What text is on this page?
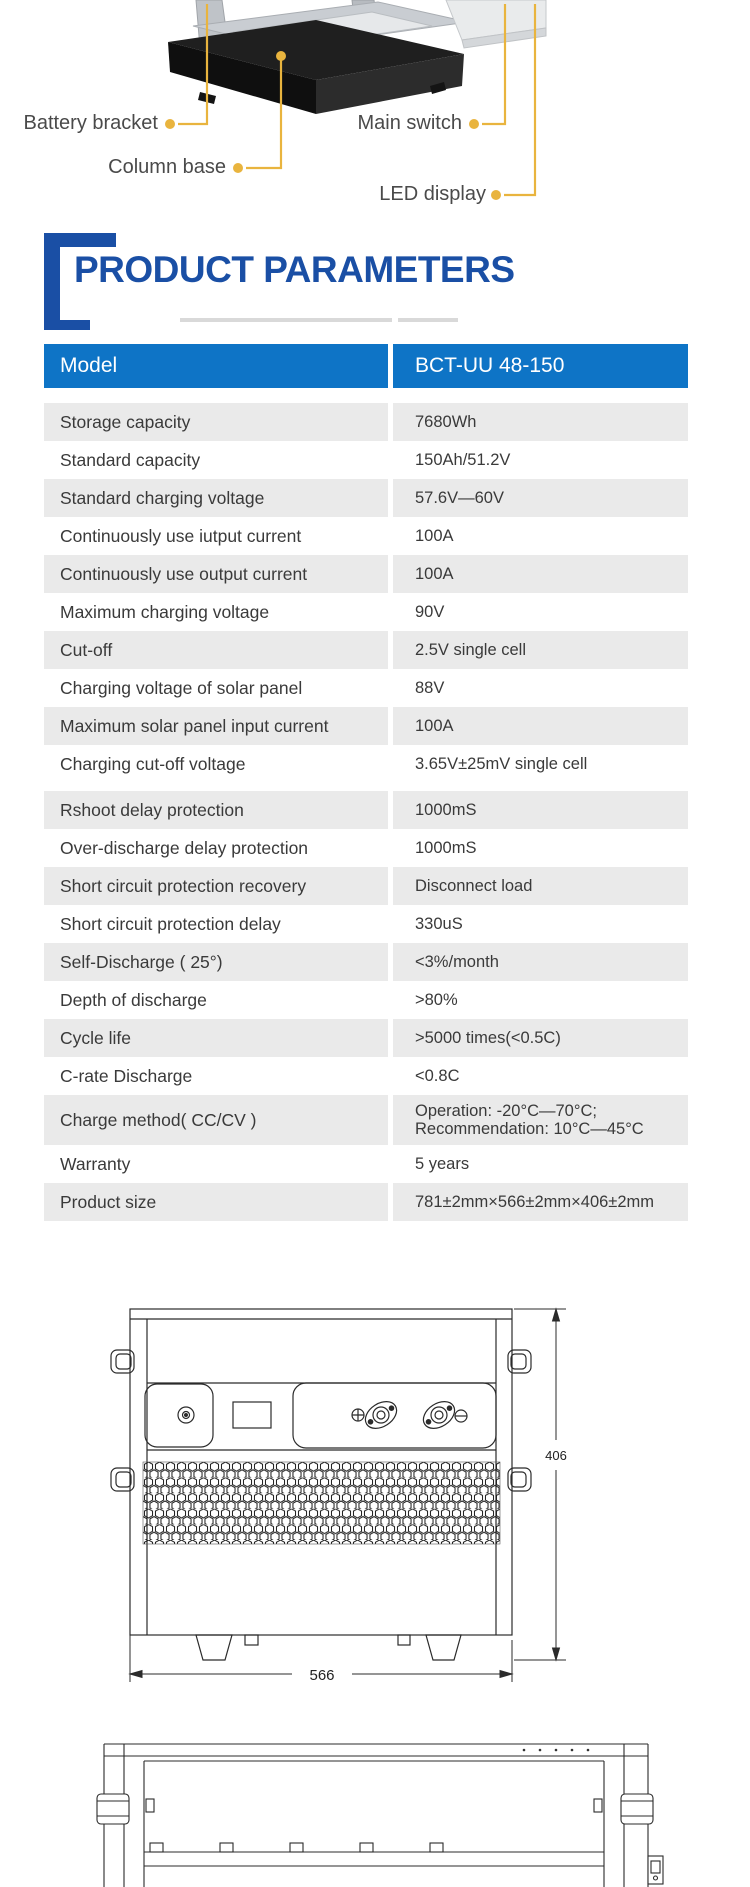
Battery bracket	Main switch
Column base
LED display
PRODUCT PARAMETERS
Model	BCT-UU 48-150
Storage capacity	7680Wh
Standard capacity	150Ah/51.2V
Standard charging voltage	57.6V—60V
Continuously use iutput current	100A
Continuously use output current	100A
Maximum charging voltage	90V
Cut-off	2.5V single cell
Charging voltage of solar panel	88V
Maximum solar panel input current	100A
Charging cut-off voltage	3.65V±25mV single cell
Rshoot delay protection	1000mS
Over-discharge delay protection	1000mS
Short circuit protection recovery	Disconnect load
Short circuit protection delay	330uS
Self-Discharge ( 25°)	<3%/month
Depth of discharge	>80%
Cycle life	>5000 times(<0.5C)
C-rate Discharge	<0.8C
Charge method( CC/CV )	Operation: -20°C—70°C;
Recommendation: 10°C—45°C
Warranty	5 years
Product size	781±2mm×566±2mm×406±2mm
566
406
